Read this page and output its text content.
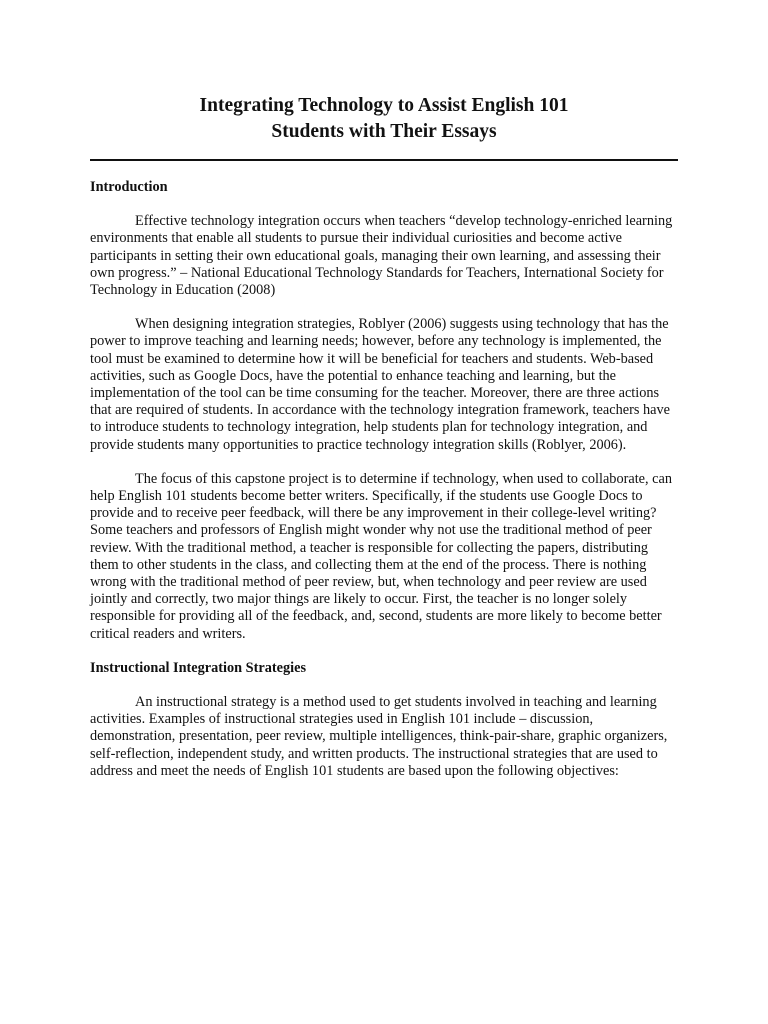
Integrating Technology to Assist English 101
Students with Their Essays
Introduction

Effective technology integration occurs when teachers “develop technology-enriched learning environments that enable all students to pursue their individual curiosities and become active participants in setting their own educational goals, managing their own learning, and assessing their own progress.” – National Educational Technology Standards for Teachers, International Society for Technology in Education (2008)

When designing integration strategies, Roblyer (2006) suggests using technology that has the power to improve teaching and learning needs; however, before any technology is implemented, the tool must be examined to determine how it will be beneficial for teachers and students. Web-based activities, such as Google Docs, have the potential to enhance teaching and learning, but the implementation of the tool can be time consuming for the teacher. Moreover, there are three actions that are required of students. In accordance with the technology integration framework, teachers have to introduce students to technology integration, help students plan for technology integration, and provide students many opportunities to practice technology integration skills (Roblyer, 2006).

The focus of this capstone project is to determine if technology, when used to collaborate, can help English 101 students become better writers. Specifically, if the students use Google Docs to provide and to receive peer feedback, will there be any improvement in their college-level writing? Some teachers and professors of English might wonder why not use the traditional method of peer review. With the traditional method, a teacher is responsible for collecting the papers, distributing them to other students in the class, and collecting them at the end of the process. There is nothing wrong with the traditional method of peer review, but, when technology and peer review are used jointly and correctly, two major things are likely to occur. First, the teacher is no longer solely responsible for providing all of the feedback, and, second, students are more likely to become better critical readers and writers.

Instructional Integration Strategies

An instructional strategy is a method used to get students involved in teaching and learning activities. Examples of instructional strategies used in English 101 include – discussion, demonstration, presentation, peer review, multiple intelligences, think-pair-share, graphic organizers, self-reflection, independent study, and written products. The instructional strategies that are used to address and meet the needs of English 101 students are based upon the following objectives:
